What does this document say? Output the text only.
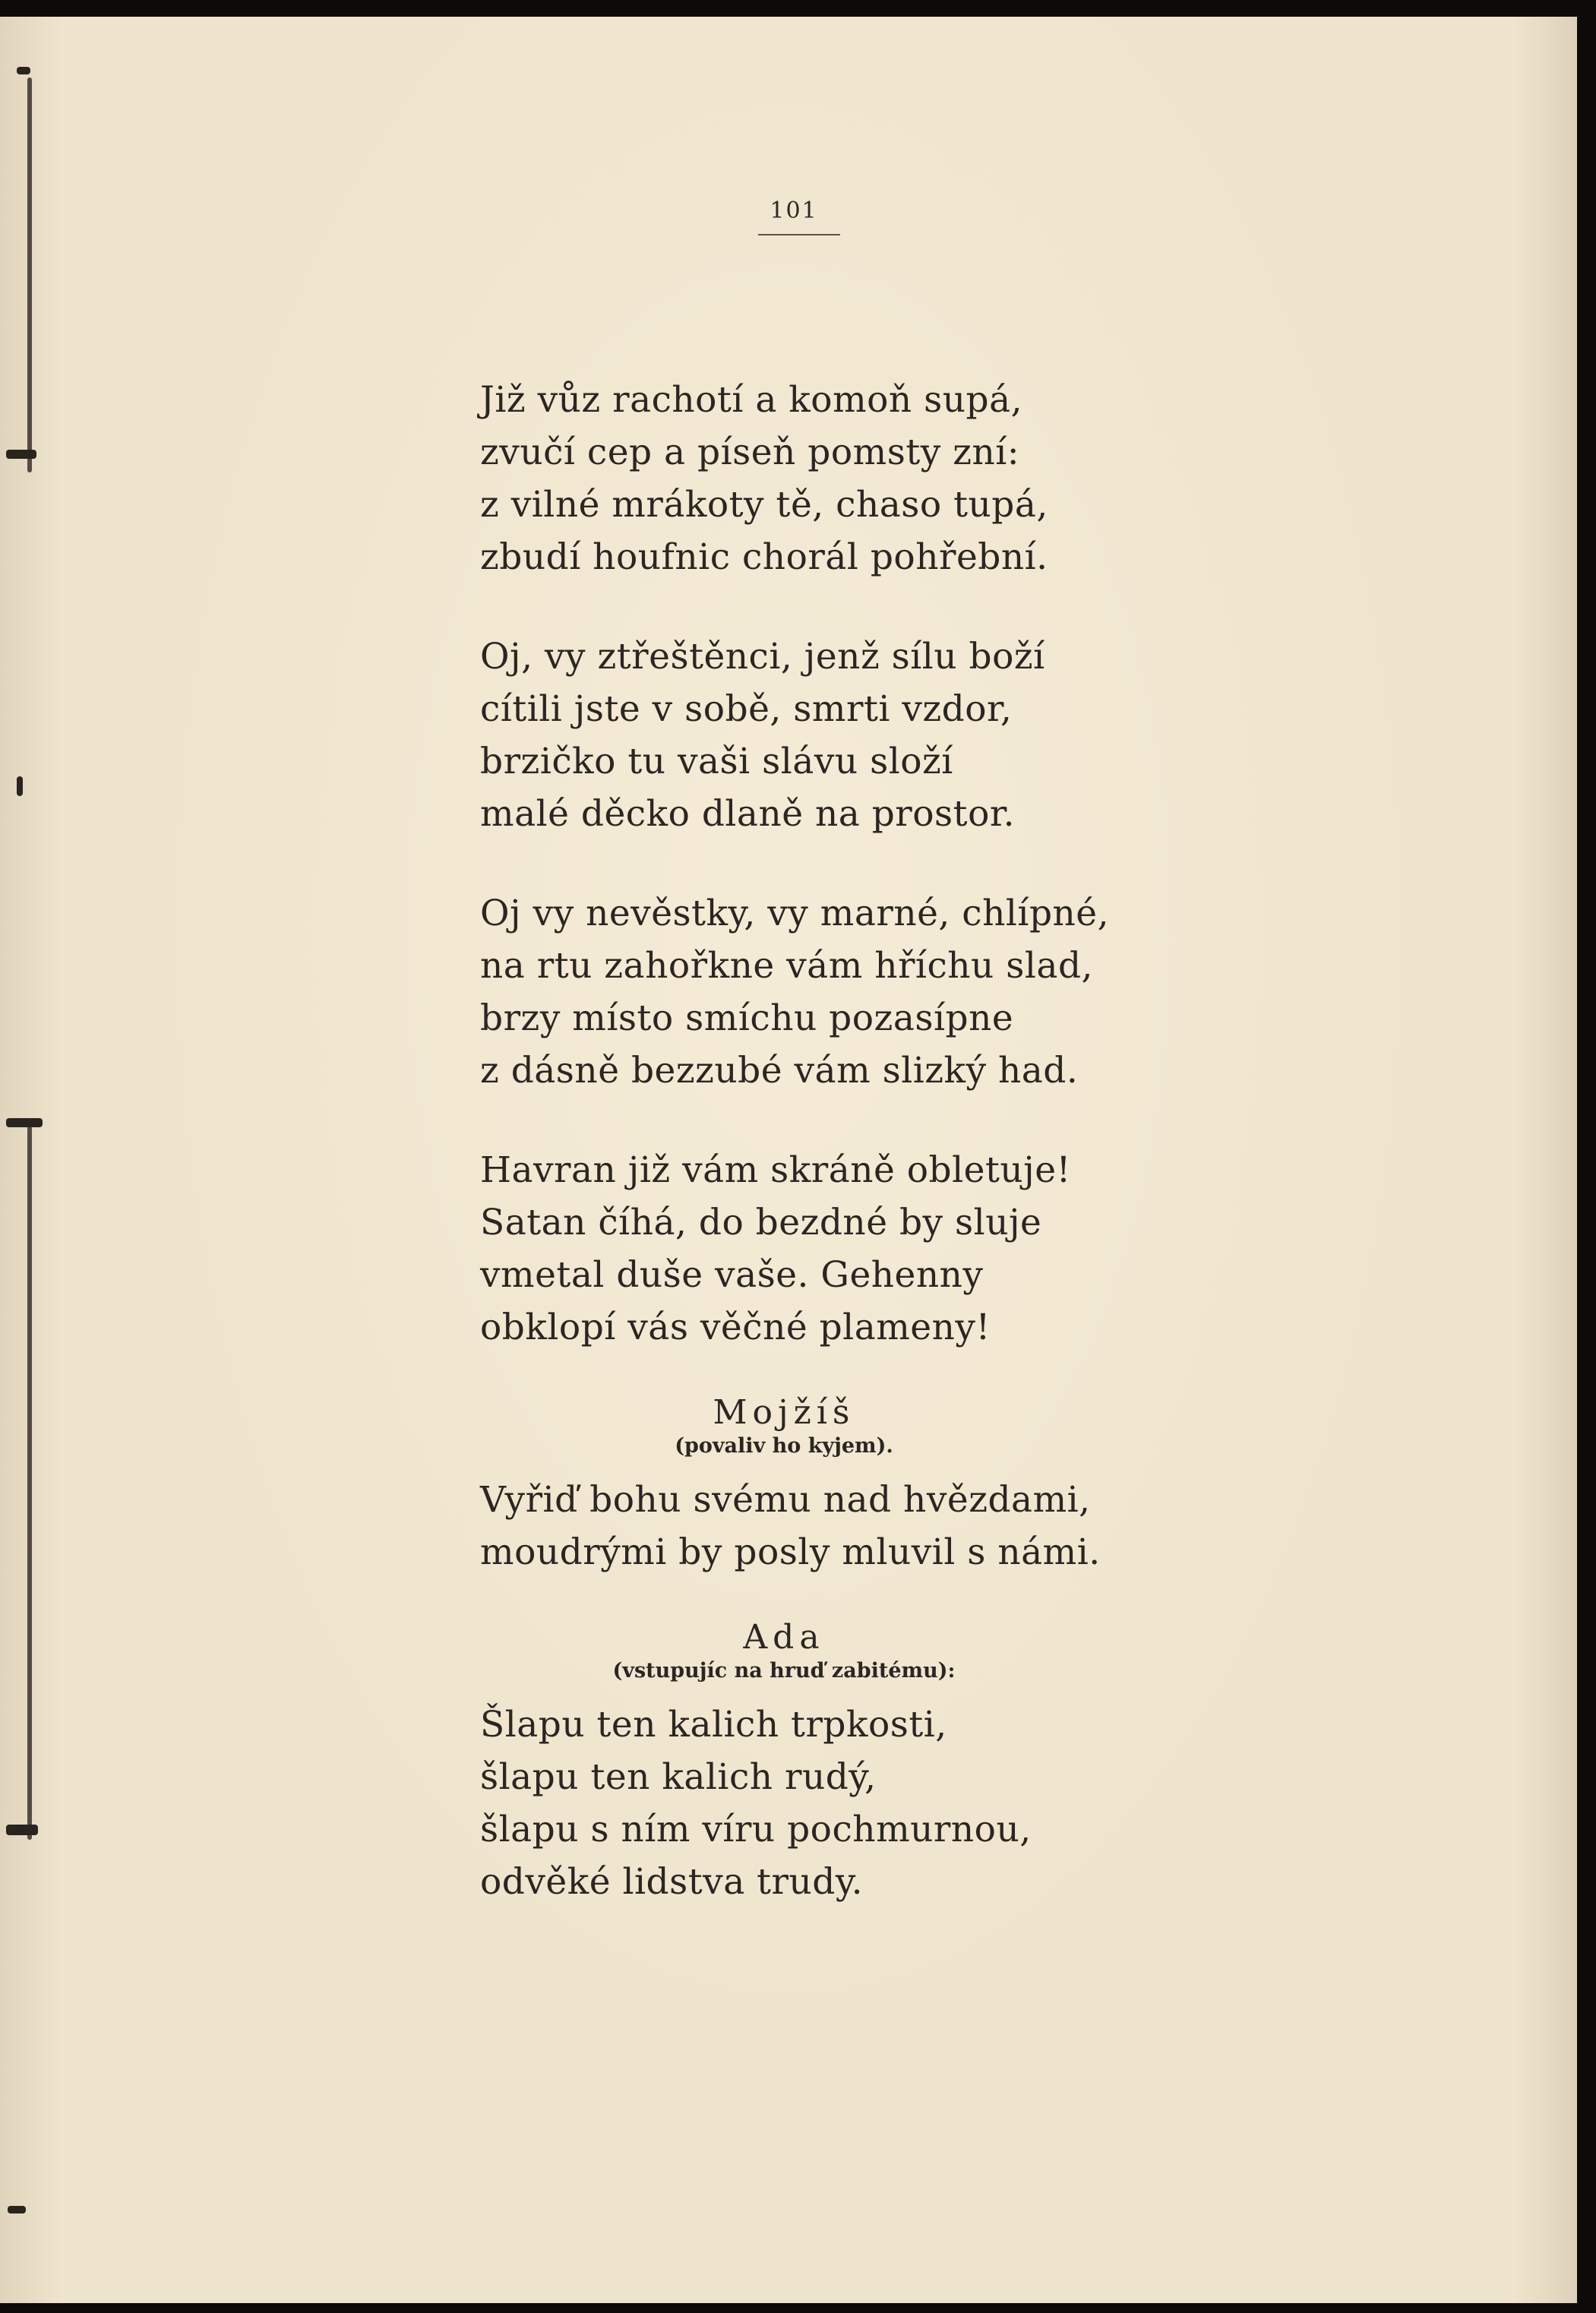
101
Již vůz rachotí a komoň supá,
zvučí cep a píseň pomsty zní:
z vilné mrákoty tě, chaso tupá,
zbudí houfnic chorál pohřební.
Oj, vy ztřeštěnci, jenž sílu boží
cítili jste v sobě, smrti vzdor,
brzičko tu vaši slávu složí
malé děcko dlaně na prostor.
Oj vy nevěstky, vy marné, chlípné,
na rtu zahořkne vám hříchu slad,
brzy místo smíchu pozasípne
z dásně bezzubé vám slizký had.
Havran již vám skráně obletuje!
Satan číhá, do bezdné by sluje
vmetal duše vaše. Gehenny
obklopí vás věčné plameny!
Mojžíš
(povaliv ho kyjem).
Vyřiď bohu svému nad hvězdami,
moudrými by posly mluvil s námi.
Ada
(vstupujíc na hruď zabitému):
Šlapu ten kalich trpkosti,
šlapu ten kalich rudý,
šlapu s ním víru pochmurnou,
odvěké lidstva trudy.
